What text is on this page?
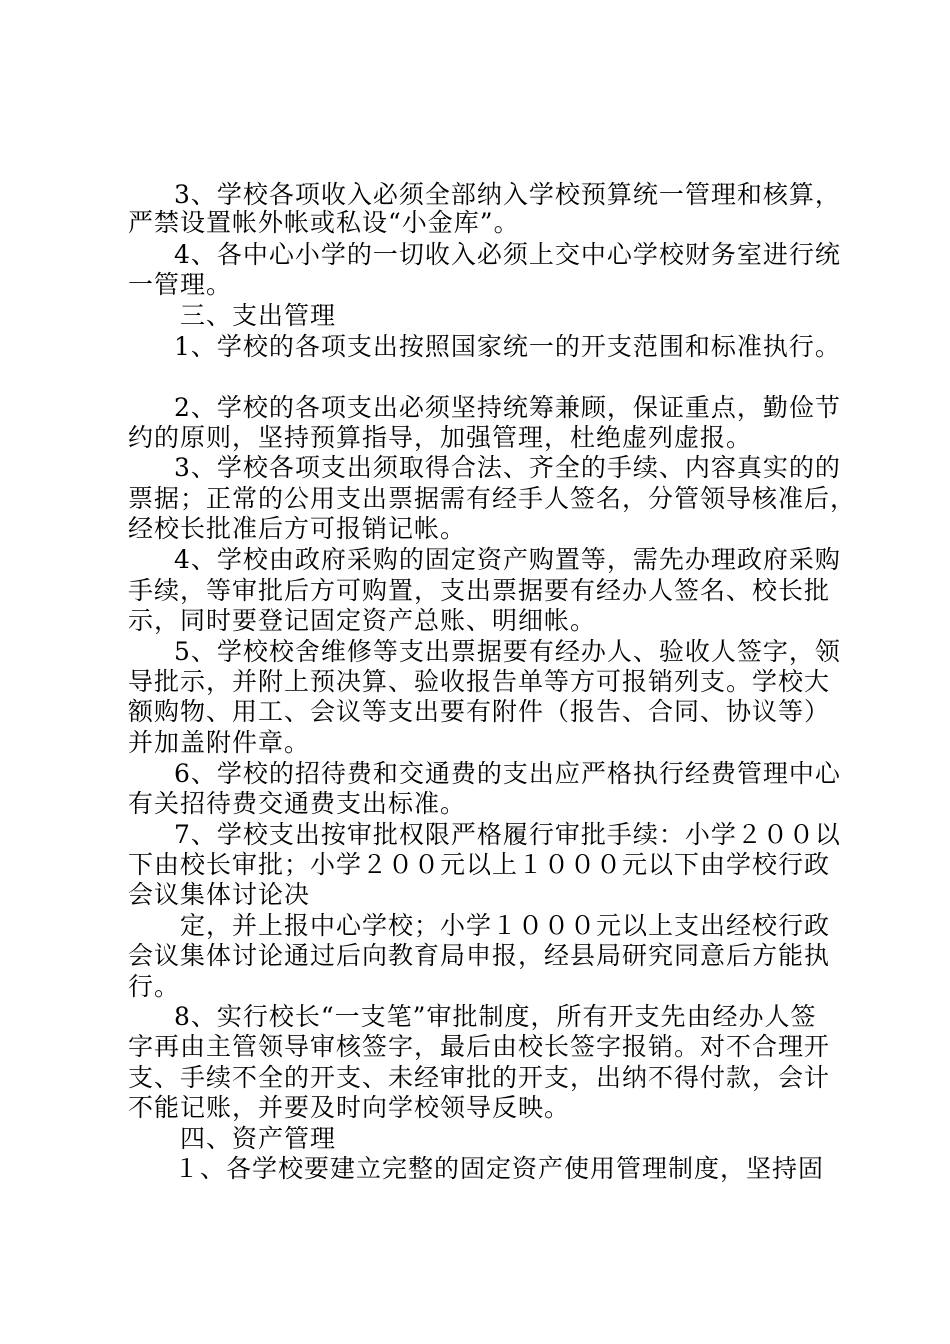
3、学校各项收入必须全部纳入学校预算统一管理和核算，
严禁设置帐外帐或私设“小金库”。
4、各中心小学的一切收入必须上交中心学校财务室进行统
一管理。
三、支出管理
1、学校的各项支出按照国家统一的开支范围和标准执行。
2、学校的各项支出必须坚持统筹兼顾，保证重点，勤俭节
约的原则，坚持预算指导，加强管理，杜绝虚列虚报。
3、学校各项支出须取得合法、齐全的手续、内容真实的的
票据；正常的公用支出票据需有经手人签名，分管领导核准后，
经校长批准后方可报销记帐。
4、学校由政府采购的固定资产购置等，需先办理政府采购
手续，等审批后方可购置，支出票据要有经办人签名、校长批
示，同时要登记固定资产总账、明细帐。
5、学校校舍维修等支出票据要有经办人、验收人签字，领
导批示，并附上预决算、验收报告单等方可报销列支。学校大
额购物、用工、会议等支出要有附件（报告、合同、协议等）
并加盖附件章。
6、学校的招待费和交通费的支出应严格执行经费管理中心
有关招待费交通费支出标准。
7、学校支出按审批权限严格履行审批手续：小学２００以
下由校长审批；小学２００元以上１０００元以下由学校行政
会议集体讨论决
定，并上报中心学校；小学１０００元以上支出经校行政
会议集体讨论通过后向教育局申报，经县局研究同意后方能执
行。
8、实行校长“一支笔”审批制度，所有开支先由经办人签
字再由主管领导审核签字，最后由校长签字报销。对不合理开
支、手续不全的开支、未经审批的开支，出纳不得付款，会计
不能记账，并要及时向学校领导反映。
四、资产管理
１、各学校要建立完整的固定资产使用管理制度，坚持固
